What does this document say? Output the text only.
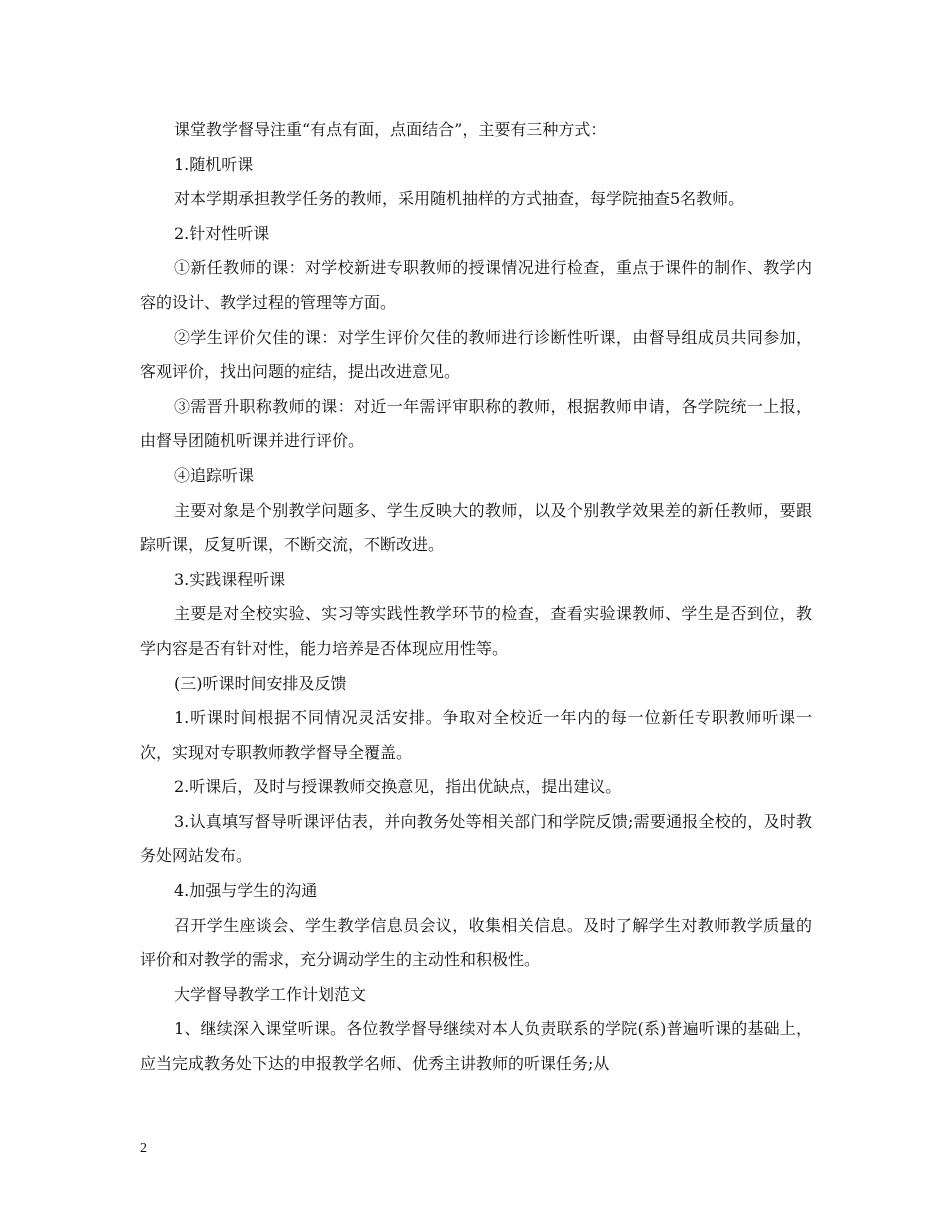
课堂教学督导注重“有点有面，点面结合”，主要有三种方式：

1.随机听课

对本学期承担教学任务的教师，采用随机抽样的方式抽查，每学院抽查5名教师。

2.针对性听课

①新任教师的课：对学校新进专职教师的授课情况进行检查，重点于课件的制作、教学内容的设计、教学过程的管理等方面。

②学生评价欠佳的课：对学生评价欠佳的教师进行诊断性听课，由督导组成员共同参加，客观评价，找出问题的症结，提出改进意见。

③需晋升职称教师的课：对近一年需评审职称的教师，根据教师申请，各学院统一上报，由督导团随机听课并进行评价。

④追踪听课

主要对象是个别教学问题多、学生反映大的教师，以及个别教学效果差的新任教师，要跟踪听课，反复听课，不断交流，不断改进。

3.实践课程听课

主要是对全校实验、实习等实践性教学环节的检查，查看实验课教师、学生是否到位，教学内容是否有针对性，能力培养是否体现应用性等。

(三)听课时间安排及反馈

1.听课时间根据不同情况灵活安排。争取对全校近一年内的每一位新任专职教师听课一次，实现对专职教师教学督导全覆盖。

2.听课后，及时与授课教师交换意见，指出优缺点，提出建议。

3.认真填写督导听课评估表，并向教务处等相关部门和学院反馈;需要通报全校的，及时教务处网站发布。

4.加强与学生的沟通

召开学生座谈会、学生教学信息员会议，收集相关信息。及时了解学生对教师教学质量的评价和对教学的需求，充分调动学生的主动性和积极性。

大学督导教学工作计划范文

1、继续深入课堂听课。各位教学督导继续对本人负责联系的学院(系)普遍听课的基础上，应当完成教务处下达的申报教学名师、优秀主讲教师的听课任务;从

2
